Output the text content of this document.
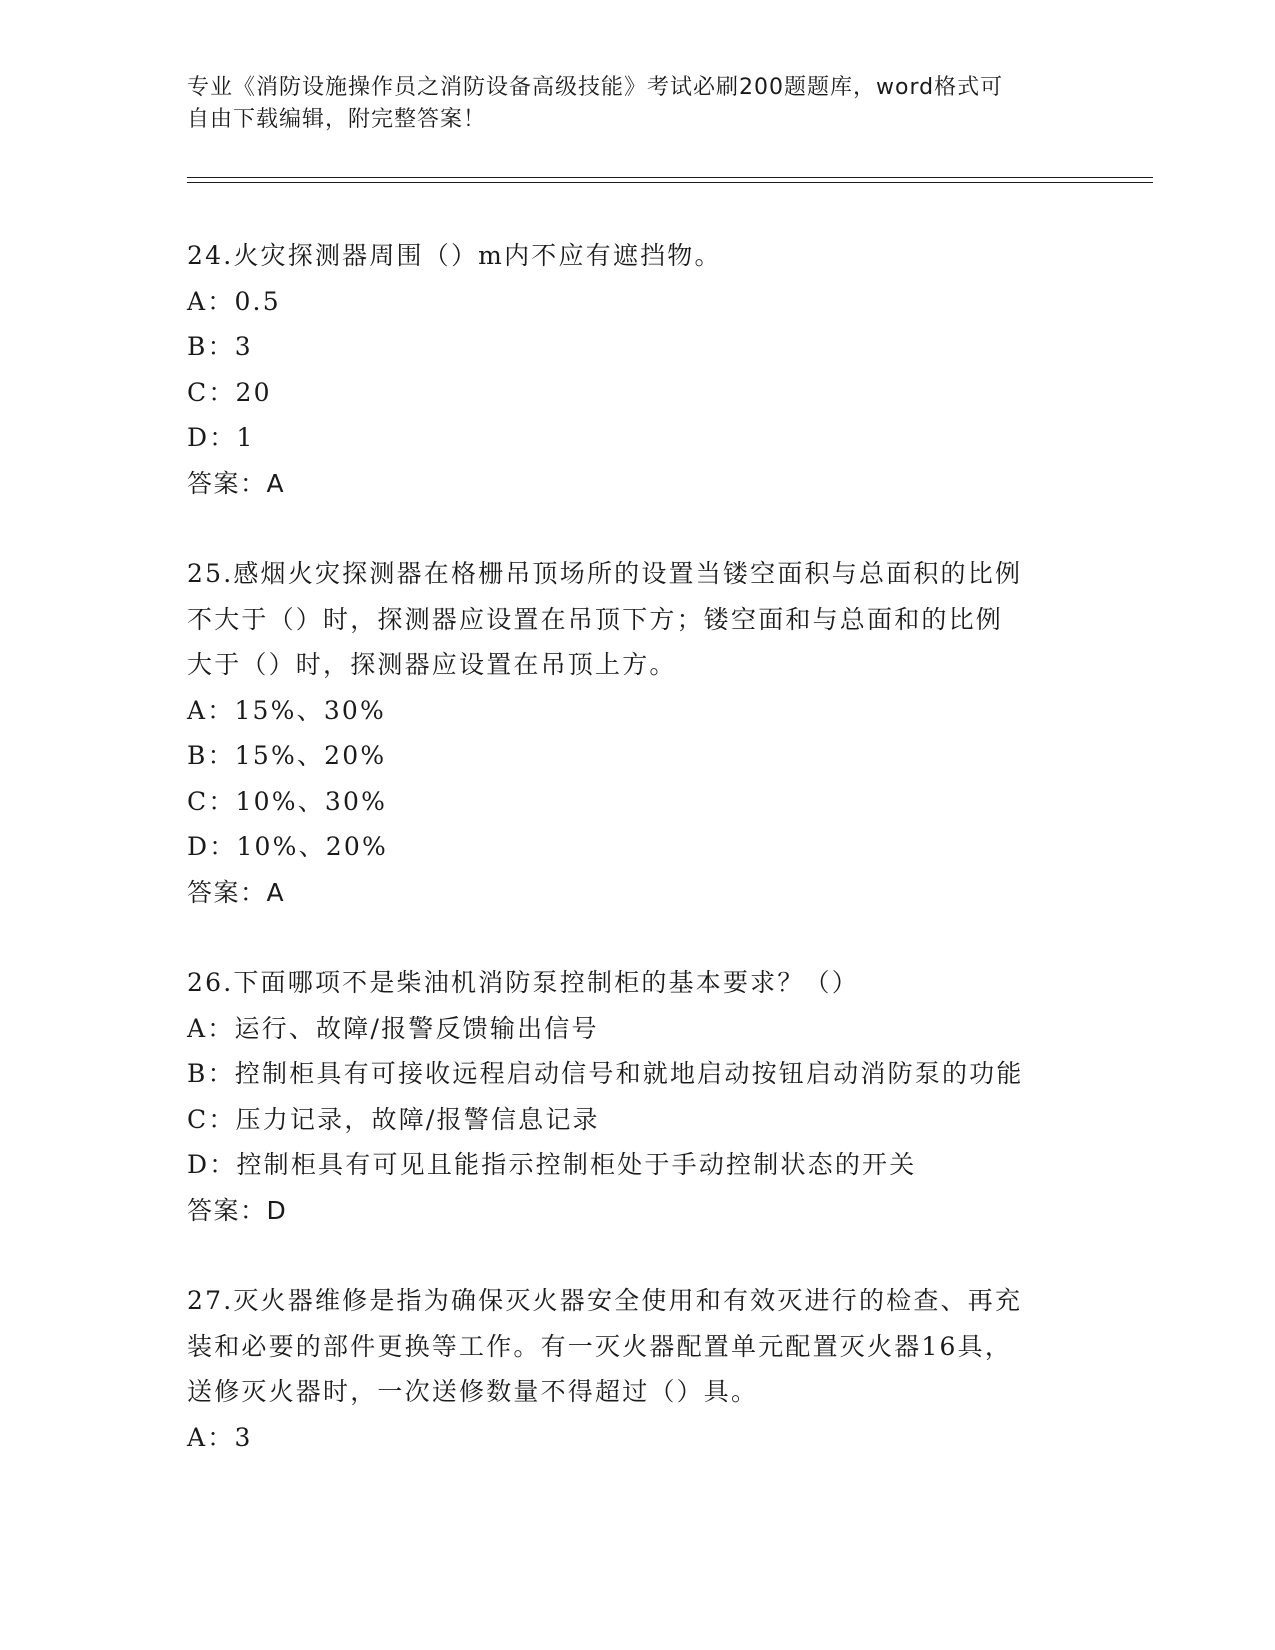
专业《消防设施操作员之消防设备高级技能》考试必刷200题题库，word格式可
自由下载编辑，附完整答案！
24.火灾探测器周围（）m内不应有遮挡物。
A：0.5
B：3
C：20
D：1
答案：A
25.感烟火灾探测器在格栅吊顶场所的设置当镂空面积与总面积的比例
不大于（）时，探测器应设置在吊顶下方；镂空面和与总面和的比例
大于（）时，探测器应设置在吊顶上方。
A：15%、30%
B：15%、20%
C：10%、30%
D：10%、20%
答案：A
26.下面哪项不是柴油机消防泵控制柜的基本要求？（）
A：运行、故障/报警反馈输出信号
B：控制柜具有可接收远程启动信号和就地启动按钮启动消防泵的功能
C：压力记录，故障/报警信息记录
D：控制柜具有可见且能指示控制柜处于手动控制状态的开关
答案：D
27.灭火器维修是指为确保灭火器安全使用和有效灭进行的检查、再充
装和必要的部件更换等工作。有一灭火器配置单元配置灭火器16具，
送修灭火器时，一次送修数量不得超过（）具。
A：3
